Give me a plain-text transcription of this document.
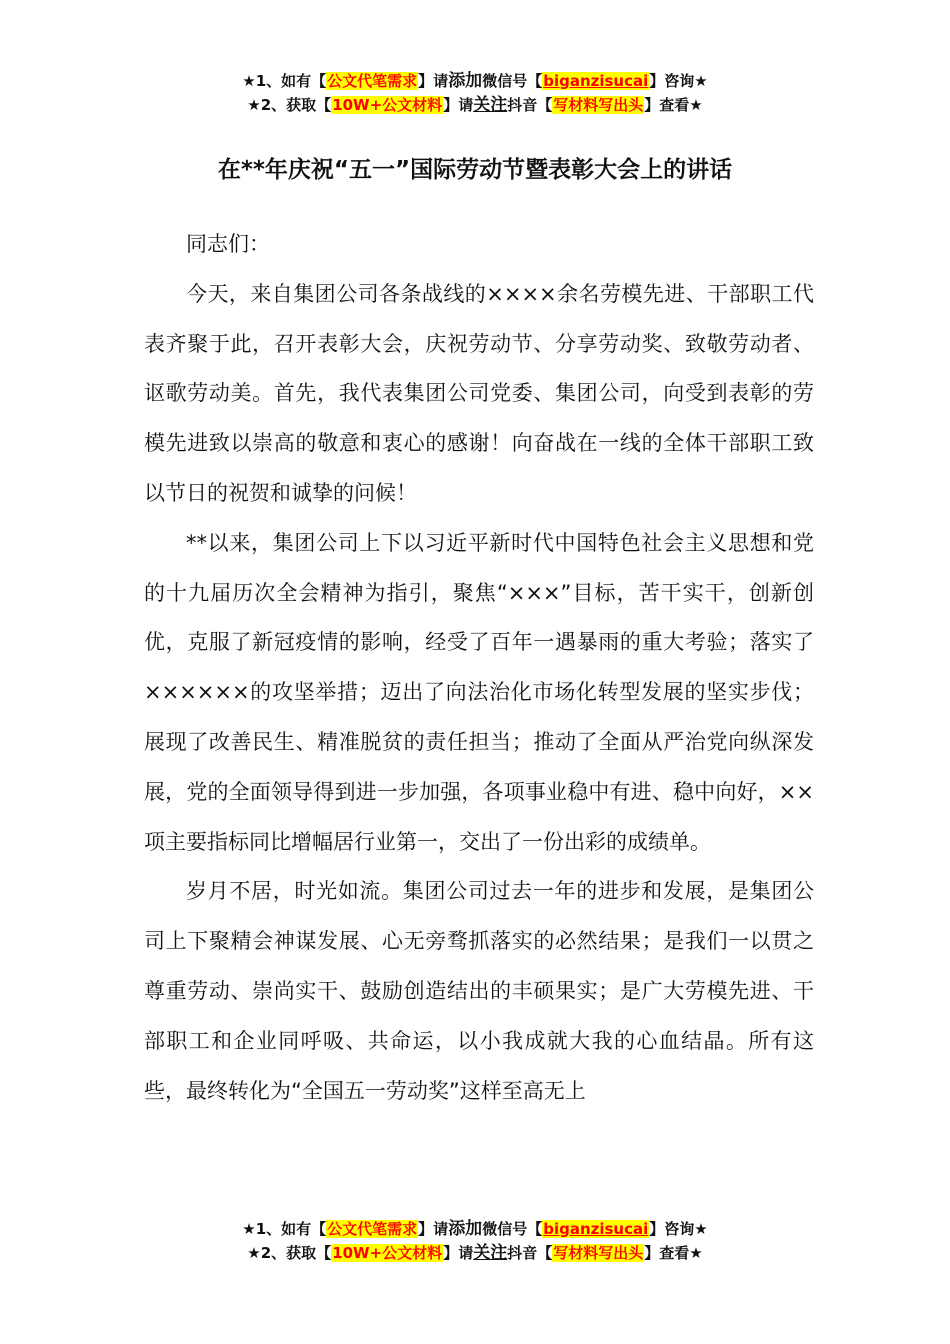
★1、如有【公文代笔需求】请添加微信号【biganzisucai】咨询★
★2、获取【10W+公文材料】请关注抖音【写材料写出头】查看★
在**年庆祝“五一”国际劳动节暨表彰大会上的讲话

同志们：

今天，来自集团公司各条战线的××××余名劳模先进、干部职工代表齐聚于此，召开表彰大会，庆祝劳动节、分享劳动奖、致敬劳动者、讴歌劳动美。首先，我代表集团公司党委、集团公司，向受到表彰的劳模先进致以崇高的敬意和衷心的感谢！向奋战在一线的全体干部职工致以节日的祝贺和诚挚的问候！

**以来，集团公司上下以习近平新时代中国特色社会主义思想和党的十九届历次全会精神为指引，聚焦“×××”目标，苦干实干，创新创优，克服了新冠疫情的影响，经受了百年一遇暴雨的重大考验；落实了××××××的攻坚举措；迈出了向法治化市场化转型发展的坚实步伐；展现了改善民生、精准脱贫的责任担当；推动了全面从严治党向纵深发展，党的全面领导得到进一步加强，各项事业稳中有进、稳中向好，××项主要指标同比增幅居行业第一，交出了一份出彩的成绩单。

岁月不居，时光如流。集团公司过去一年的进步和发展，是集团公司上下聚精会神谋发展、心无旁骛抓落实的必然结果；是我们一以贯之尊重劳动、崇尚实干、鼓励创造结出的丰硕果实；是广大劳模先进、干部职工和企业同呼吸、共命运，以小我成就大我的心血结晶。所有这些，最终转化为“全国五一劳动奖”这样至高无上

★1、如有【公文代笔需求】请添加微信号【biganzisucai】咨询★
★2、获取【10W+公文材料】请关注抖音【写材料写出头】查看★
